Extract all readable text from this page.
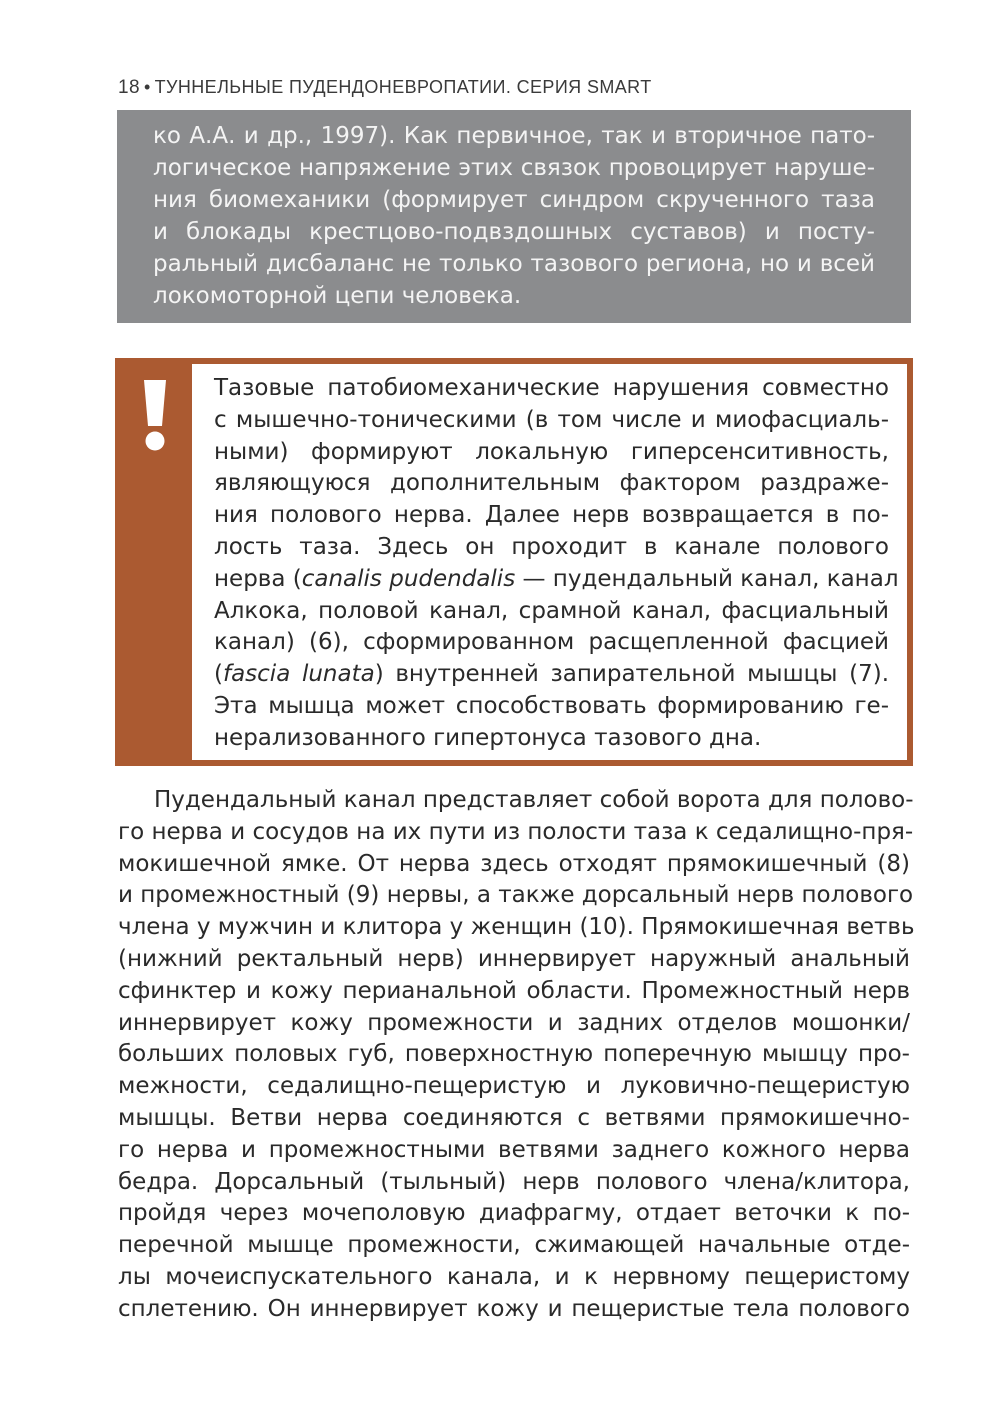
18 • ТУННЕЛЬНЫЕ ПУДЕНДОНЕВРОПАТИИ. СЕРИЯ SMART
ко А.А. и др., 1997). Как первичное, так и вторичное пато-
логическое напряжение этих связок провоцирует наруше-
ния биомеханики (формирует синдром скрученного таза
и блокады крестцово-подвздошных суставов) и посту-
ральный дисбаланс не только тазового региона, но и всей
локомоторной цепи человека.
Тазовые патобиомеханические нарушения совместно
с мышечно-тоническими (в том числе и миофасциаль-
ными) формируют локальную гиперсенситивность,
являющуюся дополнительным фактором раздраже-
ния полового нерва. Далее нерв возвращается в по-
лость таза. Здесь он проходит в канале полового
нерва (canalis pudendalis — пудендальный канал, канал
Алкока, половой канал, срамной канал, фасциальный
канал) (6), сформированном расщепленной фасцией
(fascia lunata) внутренней запирательной мышцы (7).
Эта мышца может способствовать формированию ге-
нерализованного гипертонуса тазового дна.
Пудендальный канал представляет собой ворота для полово-
го нерва и сосудов на их пути из полости таза к седалищно-пря-
мокишечной ямке. От нерва здесь отходят прямокишечный (8)
и промежностный (9) нервы, а также дорсальный нерв полового
члена у мужчин и клитора у женщин (10). Прямокишечная ветвь
(нижний ректальный нерв) иннервирует наружный анальный
сфинктер и кожу перианальной области. Промежностный нерв
иннервирует кожу промежности и задних отделов мошонки/
больших половых губ, поверхностную поперечную мышцу про-
межности, седалищно-пещеристую и луковично-пещеристую
мышцы. Ветви нерва соединяются с ветвями прямокишечно-
го нерва и промежностными ветвями заднего кожного нерва
бедра. Дорсальный (тыльный) нерв полового члена/клитора,
пройдя через мочеполовую диафрагму, отдает веточки к по-
перечной мышце промежности, сжимающей начальные отде-
лы мочеиспускательного канала, и к нервному пещеристому
сплетению. Он иннервирует кожу и пещеристые тела полового
